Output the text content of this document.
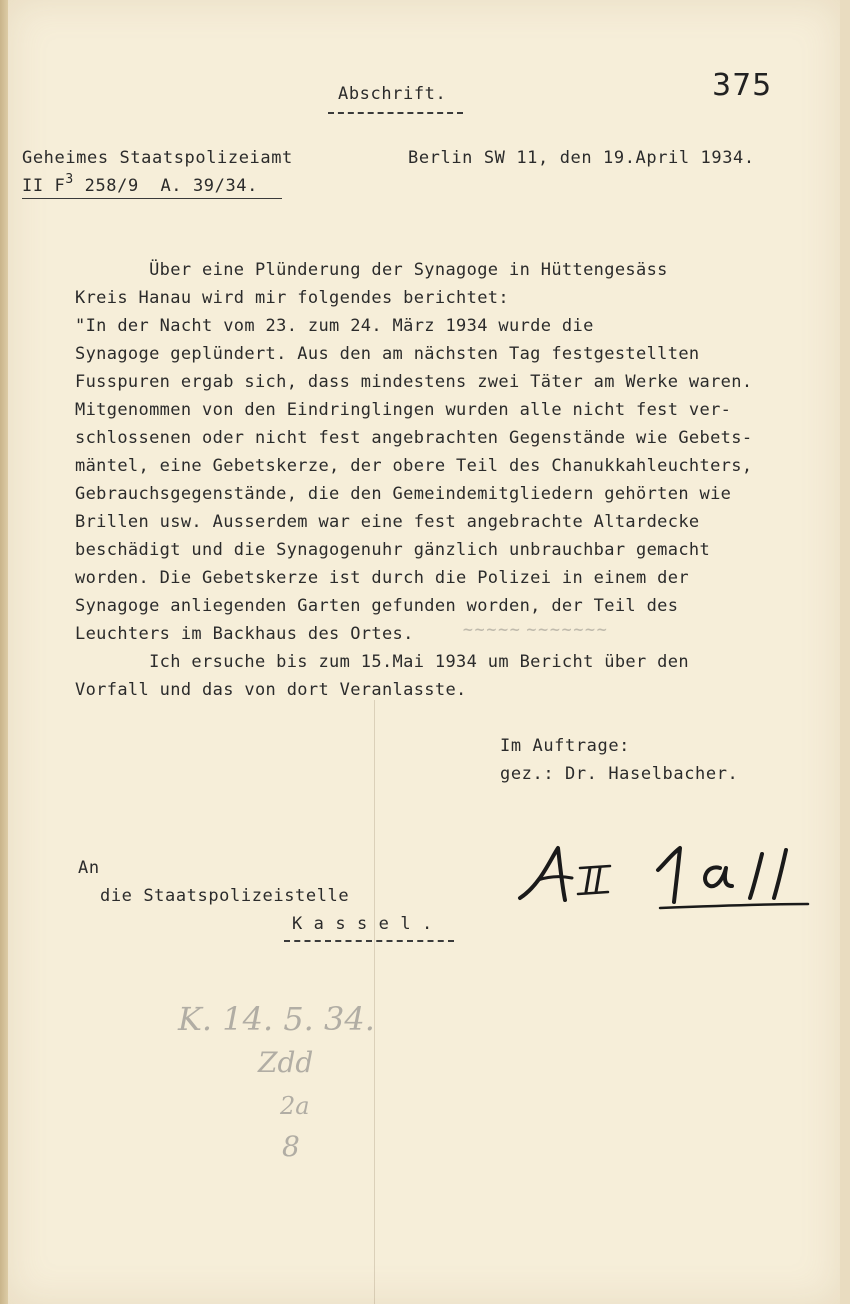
375
Abschrift.
Geheimes Staatspolizeiamt	Berlin SW 11, den 19.April 1934.
II $F^3$ 258/9  A. 39/34.
Über eine Plünderung der Synagoge in Hüttengesäss
Kreis Hanau wird mir folgendes berichtet:
"In der Nacht vom 23. zum 24. März 1934 wurde die
Synagoge geplündert. Aus den am nächsten Tag festgestellten
Fusspuren ergab sich, dass mindestens zwei Täter am Werke waren.
Mitgenommen von den Eindringlingen wurden alle nicht fest ver-
schlossenen oder nicht fest angebrachten Gegenstände wie Gebets-
mäntel, eine Gebetskerze, der obere Teil des Chanukkahleuchters,
Gebrauchsgegenstände, die den Gemeindemitgliedern gehörten wie
Brillen usw. Ausserdem war eine fest angebrachte Altardecke
beschädigt und die Synagogenuhr gänzlich unbrauchbar gemacht
worden. Die Gebetskerze ist durch die Polizei in einem der
Synagoge anliegenden Garten gefunden worden, der Teil des
Leuchters im Backhaus des Ortes.
Ich ersuche bis zum 15.Mai 1934 um Bericht über den
Vorfall und das von dort Veranlasste.
~~~~~ ~~~~~~~
Im Auftrage:
gez.: Dr. Haselbacher.
An
die Staatspolizeistelle
K a s s e l .
K. 14. 5. 34.
Zdd
2a
8
